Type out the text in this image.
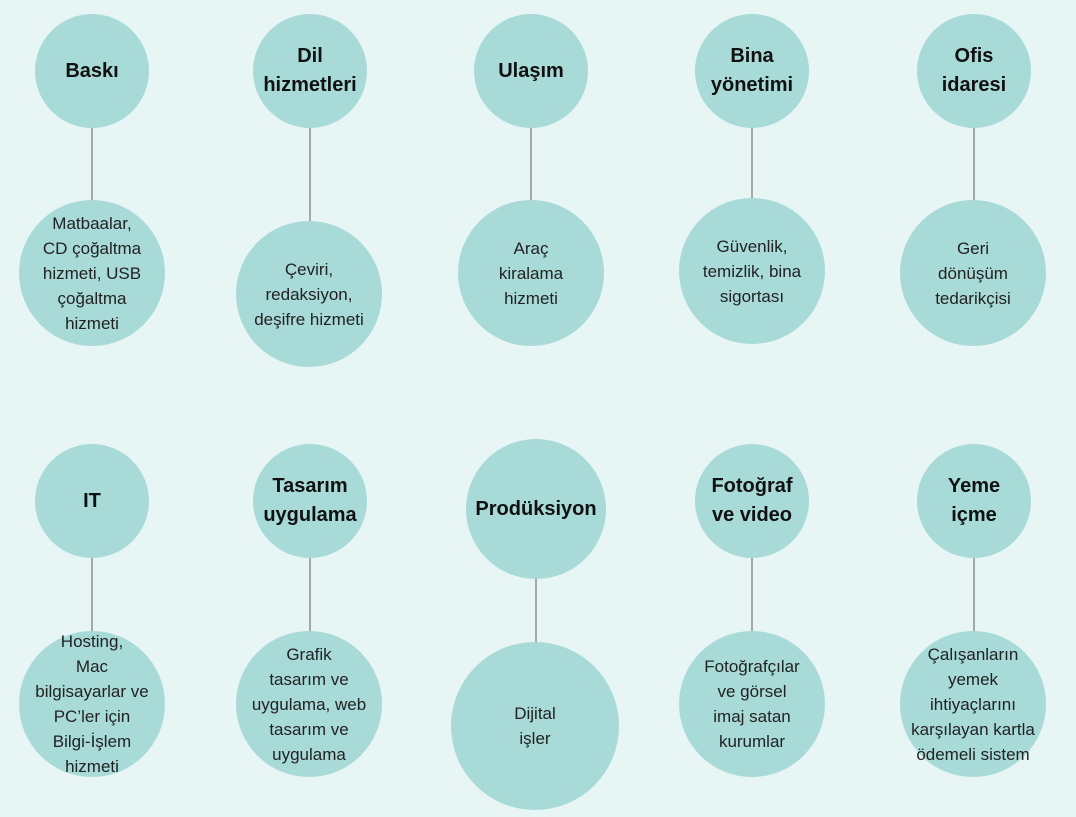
Baskı
Matbaalar,
CD çoğaltma
hizmeti, USB
çoğaltma
hizmeti
Dil
hizmetleri
Çeviri,
redaksiyon,
deşifre hizmeti
Ulaşım
Araç
kiralama
hizmeti
Bina
yönetimi
Güvenlik,
temizlik, bina
sigortası
Ofis
idaresi
Geri
dönüşüm
tedarikçisi
IT
Hosting,
Mac
bilgisayarlar ve
PC’ler için
Bilgi-İşlem
hizmeti
Tasarım
uygulama
Grafik
tasarım ve
uygulama, web
tasarım ve
uygulama
Prodüksiyon
Dijital
işler
Fotoğraf
ve video
Fotoğrafçılar
ve görsel
imaj satan
kurumlar
Yeme
içme
Çalışanların
yemek
ihtiyaçlarını
karşılayan kartla
ödemeli sistem
